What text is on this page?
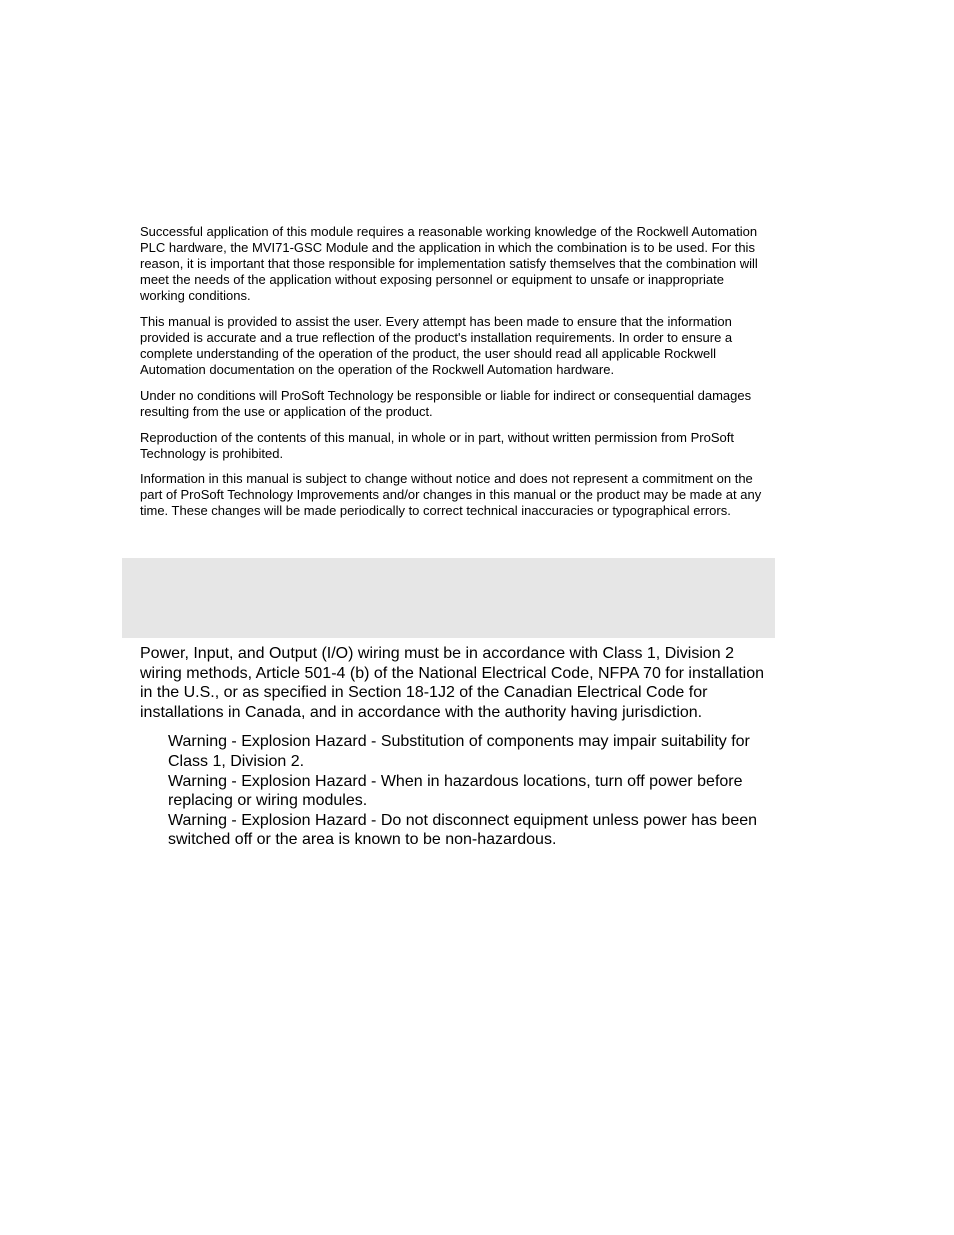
Successful application of this module requires a reasonable working knowledge of the Rockwell Automation PLC hardware, the MVI71-GSC Module and the application in which the combination is to be used. For this reason, it is important that those responsible for implementation satisfy themselves that the combination will meet the needs of the application without exposing personnel or equipment to unsafe or inappropriate working conditions.

This manual is provided to assist the user. Every attempt has been made to ensure that the information provided is accurate and a true reflection of the product's installation requirements. In order to ensure a complete understanding of the operation of the product, the user should read all applicable Rockwell Automation documentation on the operation of the Rockwell Automation hardware.

Under no conditions will ProSoft Technology be responsible or liable for indirect or consequential damages resulting from the use or application of the product.

Reproduction of the contents of this manual, in whole or in part, without written permission from ProSoft Technology is prohibited.

Information in this manual is subject to change without notice and does not represent a commitment on the part of ProSoft Technology Improvements and/or changes in this manual or the product may be made at any time. These changes will be made periodically to correct technical inaccuracies or typographical errors.

Power, Input, and Output (I/O) wiring must be in accordance with Class 1, Division 2 wiring methods, Article 501-4 (b) of the National Electrical Code, NFPA 70 for installation in the U.S., or as specified in Section 18-1J2 of the Canadian Electrical Code for installations in Canada, and in accordance with the authority having jurisdiction.

Warning - Explosion Hazard - Substitution of components may impair suitability for Class 1, Division 2.
Warning - Explosion Hazard - When in hazardous locations, turn off power before replacing or wiring modules.
Warning - Explosion Hazard - Do not disconnect equipment unless power has been switched off or the area is known to be non-hazardous.
